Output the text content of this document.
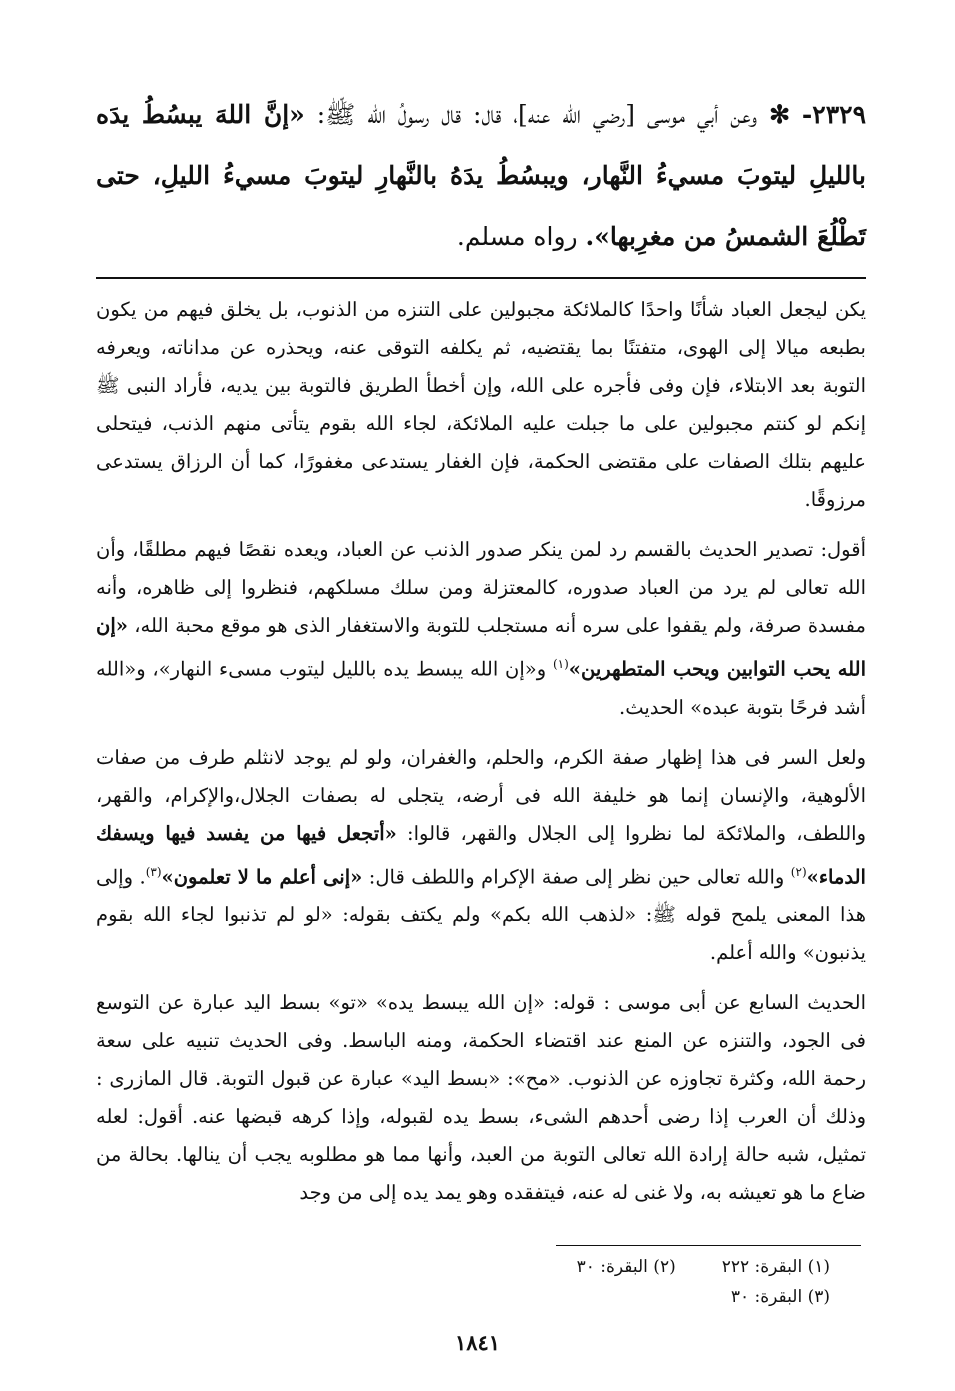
٢٣٢٩- ✻ وعن أبي موسى [رضي الله عنه]، قال: قال رسولُ الله ﷺ: «إنَّ اللهَ يبسُطُ يدَه بالليلِ ليتوبَ مسيءُ النَّهار، ويبسُطُ يدَهُ بالنَّهارِ ليتوبَ مسيءُ الليلِ، حتى تَطْلُعَ الشمسُ من مغرِبها». رواه مسلم.

يكن ليجعل العباد شأنًا واحدًا كالملائكة مجبولين على التنزه من الذنوب، بل يخلق فيهم من يكون بطبعه ميالا إلى الهوى، متفتنًا بما يقتضيه، ثم يكلفه التوقى عنه، ويحذره عن مداناته، ويعرفه التوبة بعد الابتلاء، فإن وفى فأجره على الله، وإن أخطأ الطريق فالتوبة بين يديه، فأراد النبى ﷺ إنكم لو كنتم مجبولين على ما جبلت عليه الملائكة، لجاء الله بقوم يتأتى منهم الذنب، فيتحلى عليهم بتلك الصفات على مقتضى الحكمة، فإن الغفار يستدعى مغفورًا، كما أن الرزاق يستدعى مرزوقًا.

أقول: تصدير الحديث بالقسم رد لمن ينكر صدور الذنب عن العباد، ويعده نقصًا فيهم مطلقًا، وأن الله تعالى لم يرد من العباد صدوره، كالمعتزلة ومن سلك مسلكهم، فنظروا إلى ظاهره، وأنه مفسدة صرفة، ولم يقفوا على سره أنه مستجلب للتوبة والاستغفار الذى هو موقع محبة الله، «إن الله يحب التوابين ويحب المتطهرين»$^{(١)}$ و«إن الله يبسط يده بالليل ليتوب مسىء النهار»، و«الله أشد فرحًا بتوبة عبده» الحديث.

ولعل السر فى هذا إظهار صفة الكرم، والحلم، والغفران، ولو لم يوجد لانثلم طرف من صفات الألوهية، والإنسان إنما هو خليفة الله فى أرضه، يتجلى له بصفات الجلال،والإكرام، والقهر، واللطف، والملائكة لما نظروا إلى الجلال والقهر، قالوا: «أتجعل فيها من يفسد فيها ويسفك الدماء»$^{(٢)}$ والله تعالى حين نظر إلى صفة الإكرام واللطف قال: «إنى أعلم ما لا تعلمون»$^{(٣)}$. وإلى هذا المعنى يلمح قوله ﷺ: «لذهب الله بكم» ولم يكتف بقوله: «لو لم تذنبوا لجاء الله بقوم يذنبون» والله أعلم.

الحديث السابع عن أبى موسى : قوله: «إن الله يبسط يده» «تو» بسط اليد عبارة عن التوسع فى الجود، والتنزه عن المنع عند اقتضاء الحكمة، ومنه الباسط. وفى الحديث تنبيه على سعة رحمة الله، وكثرة تجاوزه عن الذنوب. «مح»: «بسط اليد» عبارة عن قبول التوبة. قال المازرى : وذلك أن العرب إذا رضى أحدهم الشىء، بسط يده لقبوله، وإذا كرهه قبضها عنه. أقول: لعله تمثيل، شبه حالة إرادة الله تعالى التوبة من العبد، وأنها مما هو مطلوبه يجب أن ينالها. بحالة من ضاع ما هو تعيشه به، ولا غنى له عنه، فيتفقده وهو يمد يده إلى من وجد

(١) البقرة: ٢٢٢(٢) البقرة: ٣٠
(٣) البقرة: ٣٠
١٨٤١
